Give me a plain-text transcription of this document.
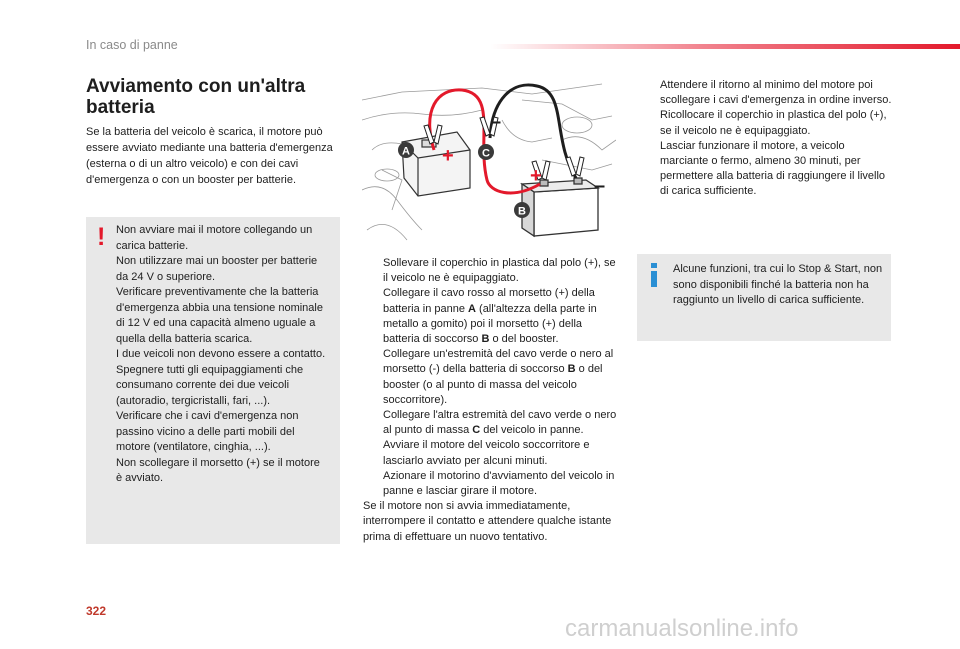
In caso di panne
Avviamento con un'altra batteria

Se la batteria del veicolo è scarica, il motore può essere avviato mediante una batteria d'emergenza (esterna o di un altro veicolo) e con dei cavi d'emergenza o con un booster per batterie.

! Non avviare mai il motore collegando un carica batterie.
Non utilizzare mai un booster per batterie da 24 V o superiore.
Verificare preventivamente che la batteria d'emergenza abbia una tensione nominale di 12 V ed una capacità almeno uguale a quella della batteria scarica.
I due veicoli non devono essere a contatto.
Spegnere tutti gli equipaggiamenti che consumano corrente dei due veicoli (autoradio, tergicristalli, fari, ...).
Verificare che i cavi d'emergenza non passino vicino a delle parti mobili del motore (ventilatore, cinghia, ...).
Non scollegare il morsetto (+) se il motore è avviato.
+
–
+	–
A	C
B

Sollevare il coperchio in plastica dal polo (+), se il veicolo ne è equipaggiato.

Collegare il cavo rosso al morsetto (+) della batteria in panne A (all'altezza della parte in metallo a gomito) poi il morsetto (+) della batteria di soccorso B o del booster.

Collegare un'estremità del cavo verde o nero al morsetto (-) della batteria di soccorso B o del booster (o al punto di massa del veicolo soccorritore).

Collegare l'altra estremità del cavo verde o nero al punto di massa C del veicolo in panne.

Avviare il motore del veicolo soccorritore e lasciarlo avviato per alcuni minuti.

Azionare il motorino d'avviamento del veicolo in panne e lasciar girare il motore.

Se il motore non si avvia immediatamente, interrompere il contatto e attendere qualche istante prima di effettuare un nuovo tentativo.

Attendere il ritorno al minimo del motore poi scollegare i cavi d'emergenza in ordine inverso.

Ricollocare il coperchio in plastica del polo (+), se il veicolo ne è equipaggiato.

Lasciar funzionare il motore, a veicolo marciante o fermo, almeno 30 minuti, per permettere alla batteria di raggiungere il livello di carica sufficiente.

Alcune funzioni, tra cui lo Stop & Start, non sono disponibili finché la batteria non ha raggiunto un livello di carica sufficiente.
322
carmanualsonline.info
